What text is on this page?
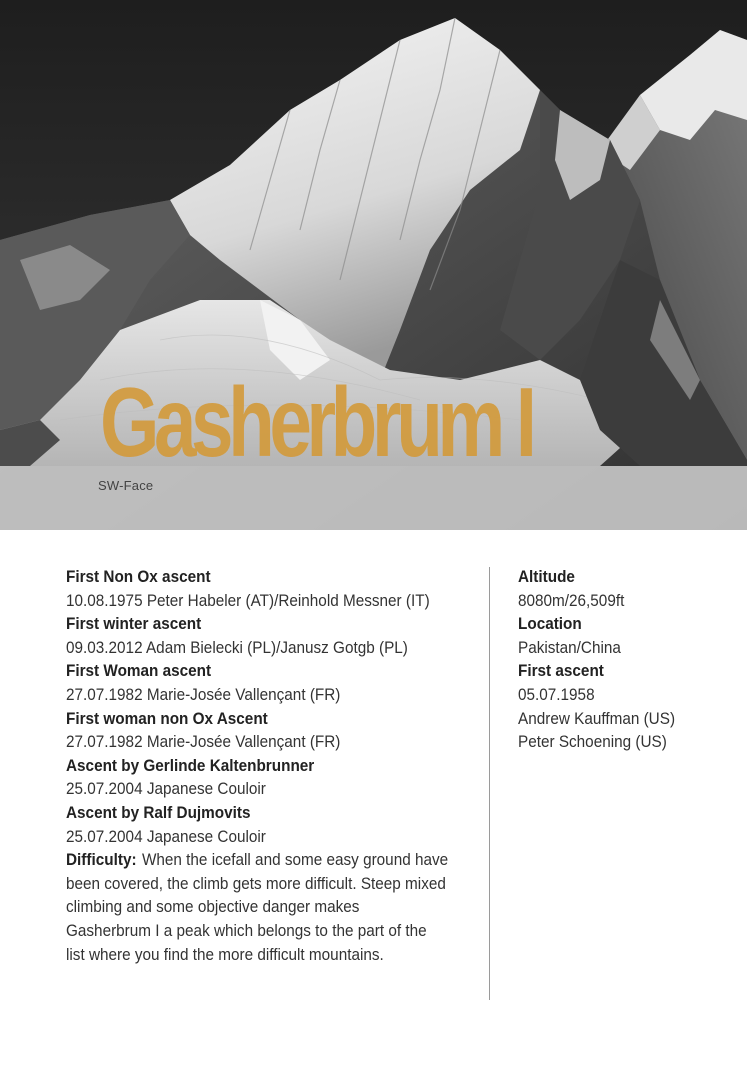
Gasherbrum I
SW-Face
First Non Ox ascent
10.08.1975 Peter Habeler (AT)/Reinhold Messner (IT)
First winter ascent
09.03.2012 Adam Bielecki (PL)/Janusz Gotgb (PL)
First Woman ascent
27.07.1982 Marie-Josée Vallençant (FR)
First woman non Ox Ascent
27.07.1982 Marie-Josée Vallençant (FR)
Ascent by Gerlinde Kaltenbrunner
25.07.2004 Japanese Couloir
Ascent by Ralf Dujmovits
25.07.2004 Japanese Couloir
Difficulty: When the icefall and some easy ground have been covered, the climb gets more difficult. Steep mixed climbing and some objective danger makes Gasherbrum I a peak which belongs to the part of the list where you find the more difficult mountains.
Altitude
8080m/26,509ft
Location
Pakistan/China
First ascent
05.07.1958
Andrew Kauffman (US)
Peter Schoening (US)
